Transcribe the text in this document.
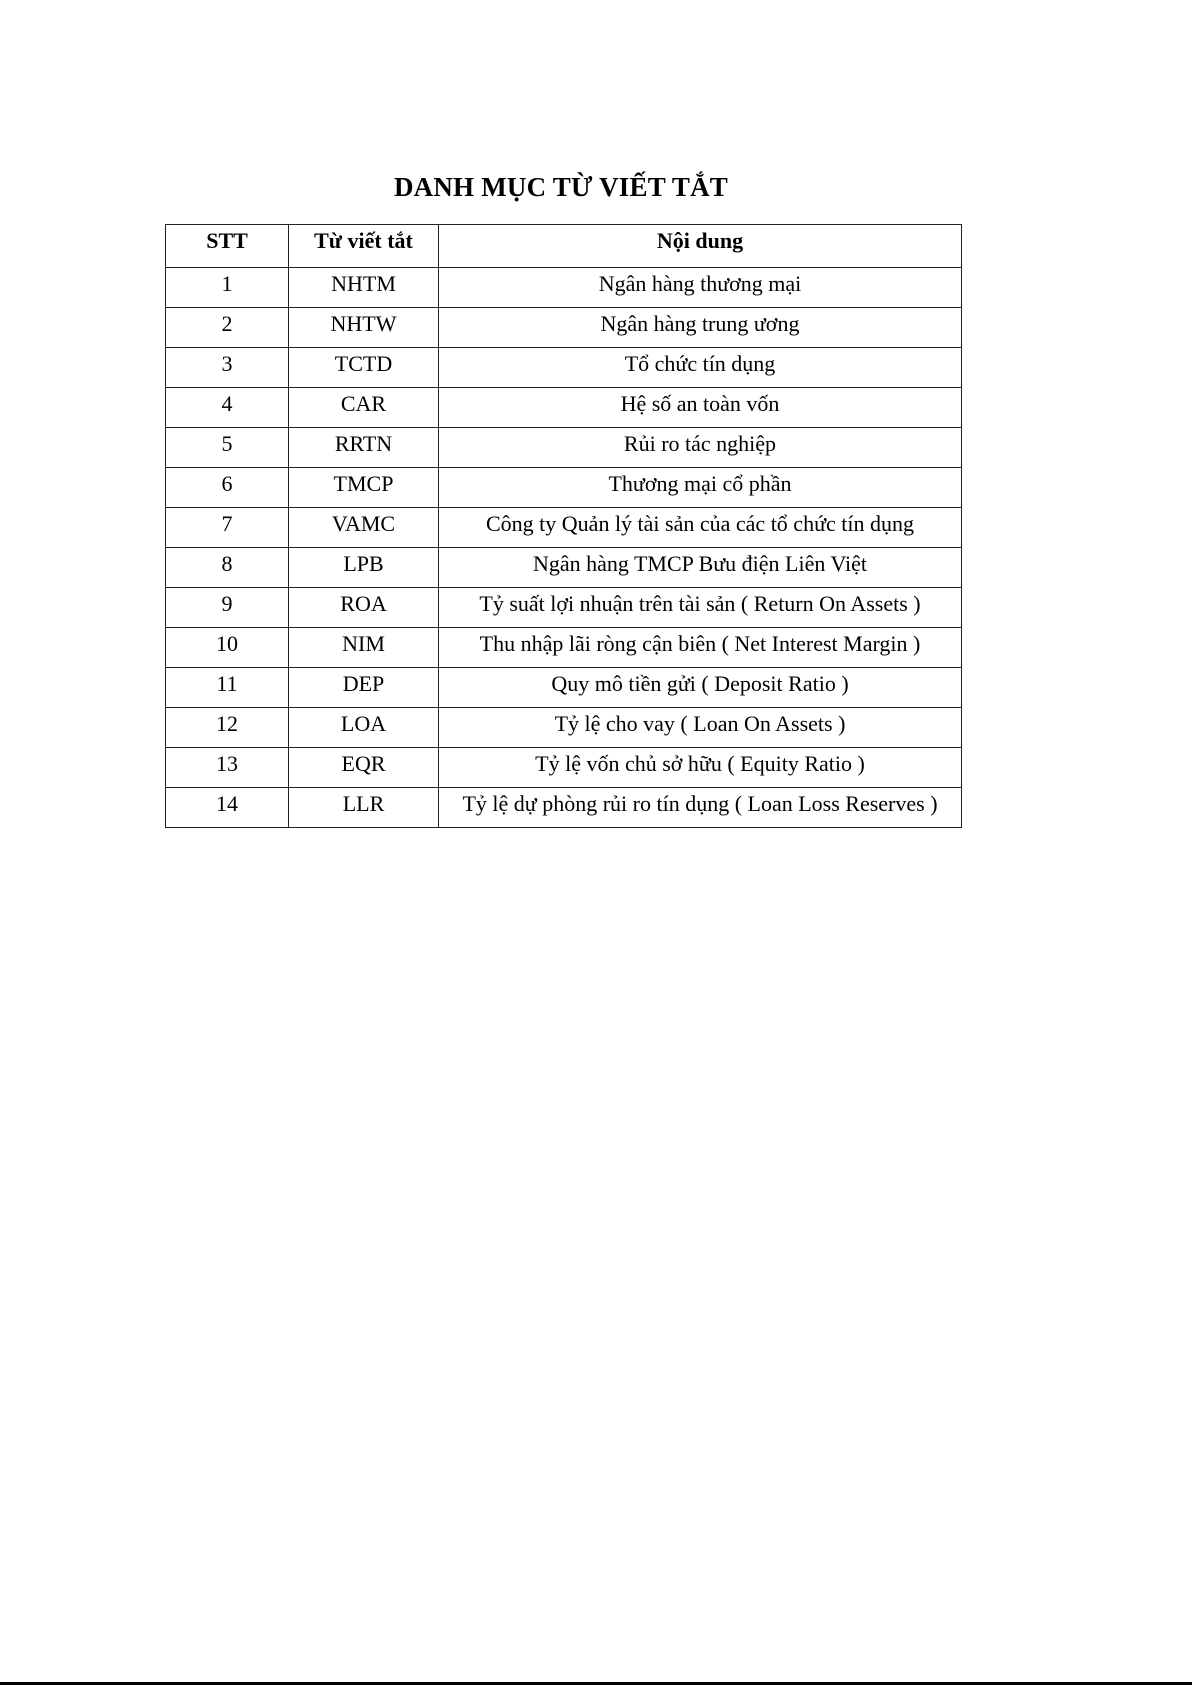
DANH MỤC TỪ VIẾT TẮT
STT	Từ viết tắt	Nội dung
1	NHTM	Ngân hàng thương mại
2	NHTW	Ngân hàng trung ương
3	TCTD	Tổ chức tín dụng
4	CAR	Hệ số an toàn vốn
5	RRTN	Rủi ro tác nghiệp
6	TMCP	Thương mại cổ phần
7	VAMC	Công ty Quản lý tài sản của các tổ chức tín dụng
8	LPB	Ngân hàng TMCP Bưu điện Liên Việt
9	ROA	Tỷ suất lợi nhuận trên tài sản ( Return On Assets )
10	NIM	Thu nhập lãi ròng cận biên ( Net Interest Margin )
11	DEP	Quy mô tiền gửi ( Deposit Ratio )
12	LOA	Tỷ lệ cho vay ( Loan On Assets )
13	EQR	Tỷ lệ vốn chủ sở hữu ( Equity Ratio )
14	LLR	Tỷ lệ dự phòng rủi ro tín dụng ( Loan Loss Reserves )
